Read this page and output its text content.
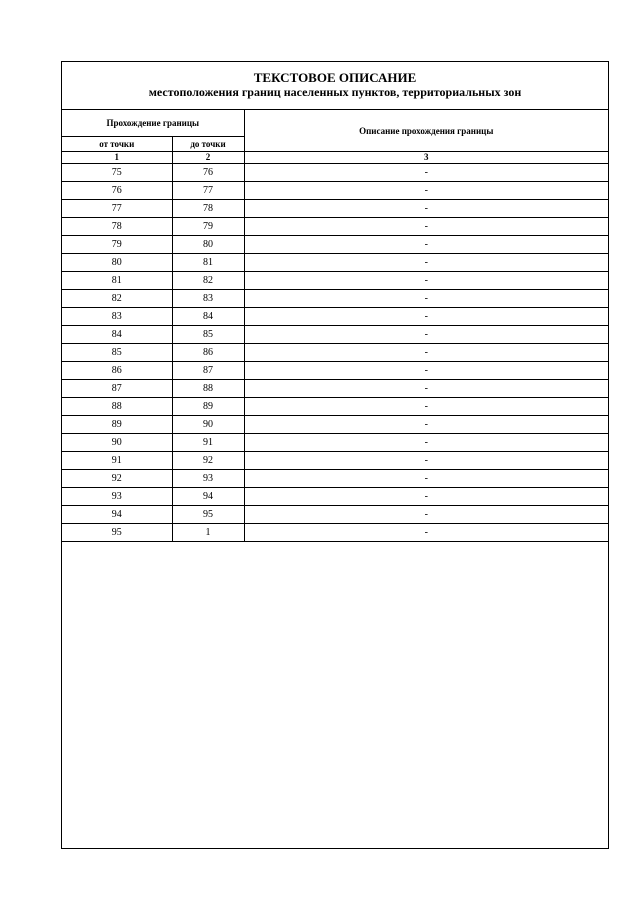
ТЕКСТОВОЕ ОПИСАНИЕ
местоположения границ населенных пунктов, территориальных зон
Прохождение границы		Описание прохождения границы
от точки	до точки	
1	2	3
75	76	-
76	77	-
77	78	-
78	79	-
79	80	-
80	81	-
81	82	-
82	83	-
83	84	-
84	85	-
85	86	-
86	87	-
87	88	-
88	89	-
89	90	-
90	91	-
91	92	-
92	93	-
93	94	-
94	95	-
95	1	-
